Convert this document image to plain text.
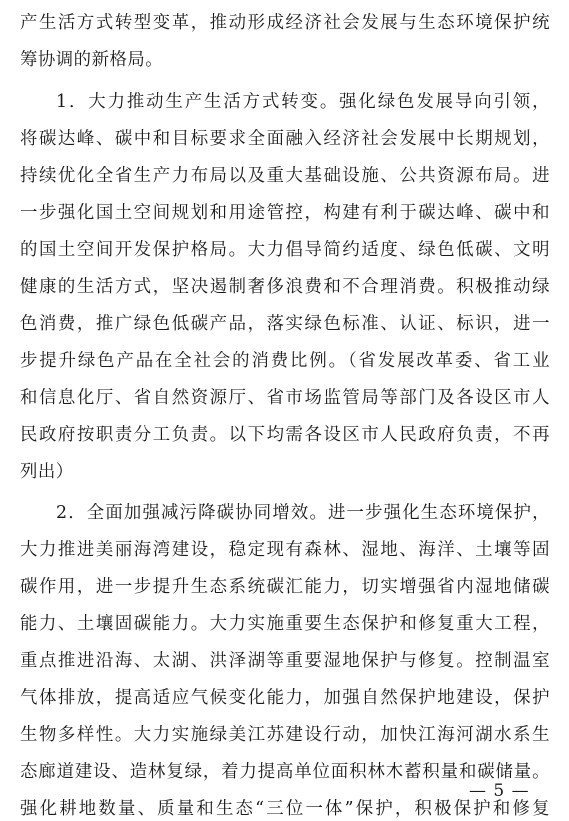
产生活方式转型变革，推动形成经济社会发展与生态环境保护统
筹协调的新格局。
1．大力推动生产生活方式转变。强化绿色发展导向引领，
将碳达峰、碳中和目标要求全面融入经济社会发展中长期规划，
持续优化全省生产力布局以及重大基础设施、公共资源布局。进
一步强化国土空间规划和用途管控，构建有利于碳达峰、碳中和
的国土空间开发保护格局。大力倡导简约适度、绿色低碳、文明
健康的生活方式，坚决遏制奢侈浪费和不合理消费。积极推动绿
色消费，推广绿色低碳产品，落实绿色标准、认证、标识，进一
步提升绿色产品在全社会的消费比例。（省发展改革委、省工业
和信息化厅、省自然资源厅、省市场监管局等部门及各设区市人
民政府按职责分工负责。以下均需各设区市人民政府负责，不再
列出）
2．全面加强减污降碳协同增效。进一步强化生态环境保护，
大力推进美丽海湾建设，稳定现有森林、湿地、海洋、土壤等固
碳作用，进一步提升生态系统碳汇能力，切实增强省内湿地储碳
能力、土壤固碳能力。大力实施重要生态保护和修复重大工程，
重点推进沿海、太湖、洪泽湖等重要湿地保护与修复。控制温室
气体排放，提高适应气候变化能力，加强自然保护地建设，保护
生物多样性。大力实施绿美江苏建设行动，加快江海河湖水系生
态廊道建设、造林复绿，着力提高单位面积林木蓄积量和碳储量。
强化耕地数量、质量和生态“三位一体”保护，积极保护和修复
— 5 —
